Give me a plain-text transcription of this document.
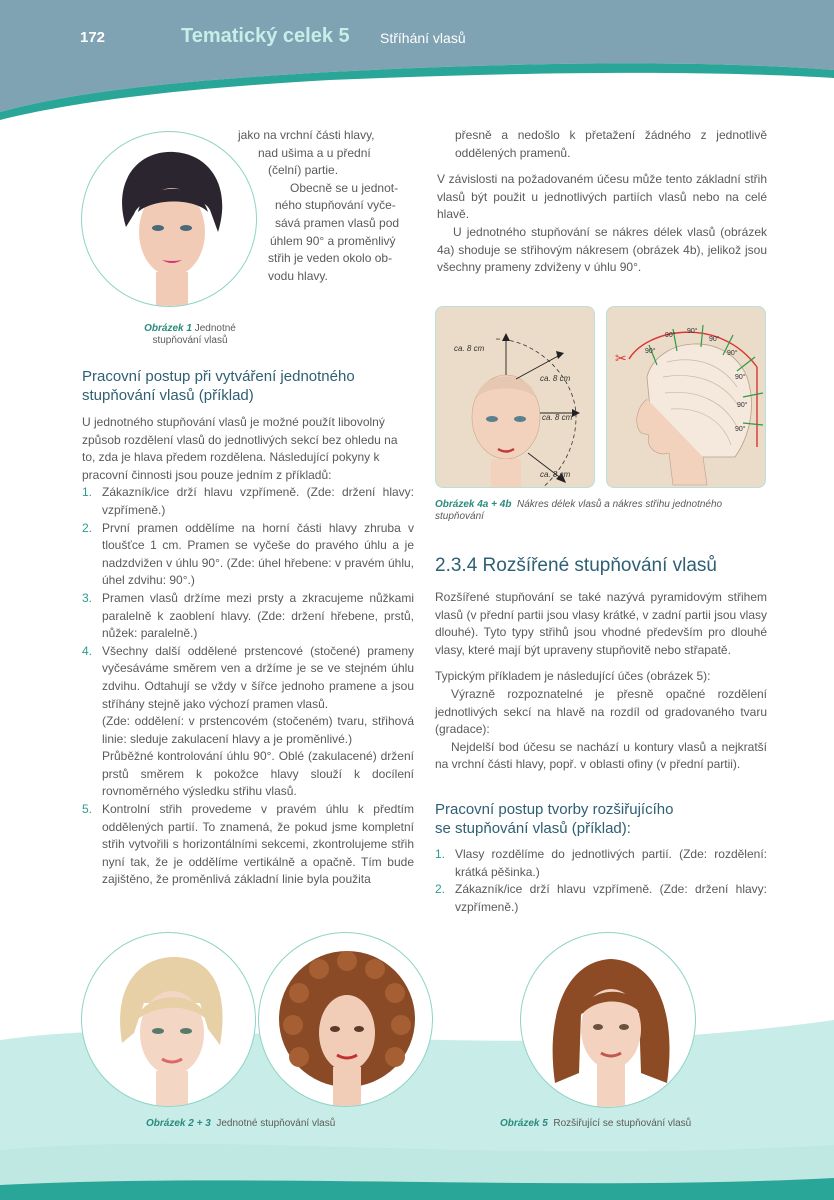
172	Tematický celek 5 Stříhání vlasů

jako na vrchní části hlavy,

nad ušima a u přední

(čelní) partie.

Obecně se u jednot-

ného stupňování vyče-

sává pramen vlasů pod

úhlem 90° a proměnlivý

střih je veden okolo ob-

vodu hlavy.

Obrázek 1 Jednotné
stupňování vlasů
Pracovní postup při vytváření jednotného
stupňování vlasů (příklad)

U jednotného stupňování vlasů je možné použít libovolný způsob rozdělení vlasů do jednotlivých sekcí bez ohledu na to, zda je hlava předem rozdělena. Následující pokyny k pracovní činnosti jsou pouze jedním z příkladů:

1. Zákazník/ice drží hlavu vzpřímeně. (Zde: držení hlavy: vzpřímeně.)

2. První pramen oddělíme na horní části hlavy zhruba v tloušťce 1 cm. Pramen se vyčeše do pravého úhlu a je nadzdvižen v úhlu 90°. (Zde: úhel hřebene: v pravém úhlu, úhel zdvihu: 90°.)

3. Pramen vlasů držíme mezi prsty a zkracujeme nůžkami paralelně k zaoblení hlavy. (Zde: držení hřebene, prstů, nůžek: paralelně.)

4. Všechny další oddělené prstencové (stočené) prameny vyčesáváme směrem ven a držíme je se ve stejném úhlu zdvihu. Odtahují se vždy v šířce jednoho pramene a jsou stříhány stejně jako výchozí pramen vlasů.

(Zde: oddělení: v prstencovém (stočeném) tvaru, střihová linie: sleduje zakulacení hlavy a je proměnlivé.)

Průběžné kontrolování úhlu 90°. Oblé (zakulacené) držení prstů směrem k pokožce hlavy slouží k docílení rovnoměrného výsledku střihu vlasů.

5. Kontrolní střih provedeme v pravém úhlu k předtím oddělených partií. To znamená, že pokud jsme kompletní střih vytvořili s horizontálními sekcemi, zkontrolujeme střih nyní tak, že je oddělíme vertikálně a opačně. Tím bude zajištěno, že proměnlivá základní linie byla použita

přesně a nedošlo k přetažení žádného z jednotlivě oddělených pramenů.

V závislosti na požadovaném účesu může tento základní střih vlasů být použit u jednotlivých partiích vlasů nebo na celé hlavě.

U jednotného stupňování se nákres délek vlasů (obrázek 4a) shoduje se střihovým nákresem (obrázek 4b), jelikož jsou všechny prameny zdviženy v úhlu 90°.

ca. 8 cm
ca. 8 cm
ca. 8 cm
ca. 8 cm
✂	90°
90°
90°
90°
90°
90°
90°
90°
Obrázek 4a + 4b Nákres délek vlasů a nákres střihu jednotného stupňování
2.3.4 Rozšířené stupňování vlasů

Rozšířené stupňování se také nazývá pyramidovým střihem vlasů (v přední partii jsou vlasy krátké, v zadní partii jsou vlasy dlouhé). Tyto typy střihů jsou vhodné především pro dlouhé vlasy, které mají být upraveny stupňovitě nebo střapatě.

Typickým příkladem je následující účes (obrázek 5):

Výrazně rozpoznatelné je přesně opačné rozdělení jednotlivých sekcí na hlavě na rozdíl od gradovaného tvaru (gradace):

Nejdelší bod účesu se nachází u kontury vlasů a nejkratší na vrchní části hlavy, popř. v oblasti ofiny (v přední partii).

Pracovní postup tvorby rozšiřujícího
se stupňování vlasů (příklad):
1. Vlasy rozdělíme do jednotlivých partií. (Zde: rozdělení: krátká pěšinka.)

2. Zákazník/ice drží hlavu vzpřímeně. (Zde: držení hlavy: vzpřímeně.)

Obrázek 2 + 3 Jednotné stupňování vlasů	Obrázek 5 Rozšiřující se stupňování vlasů
